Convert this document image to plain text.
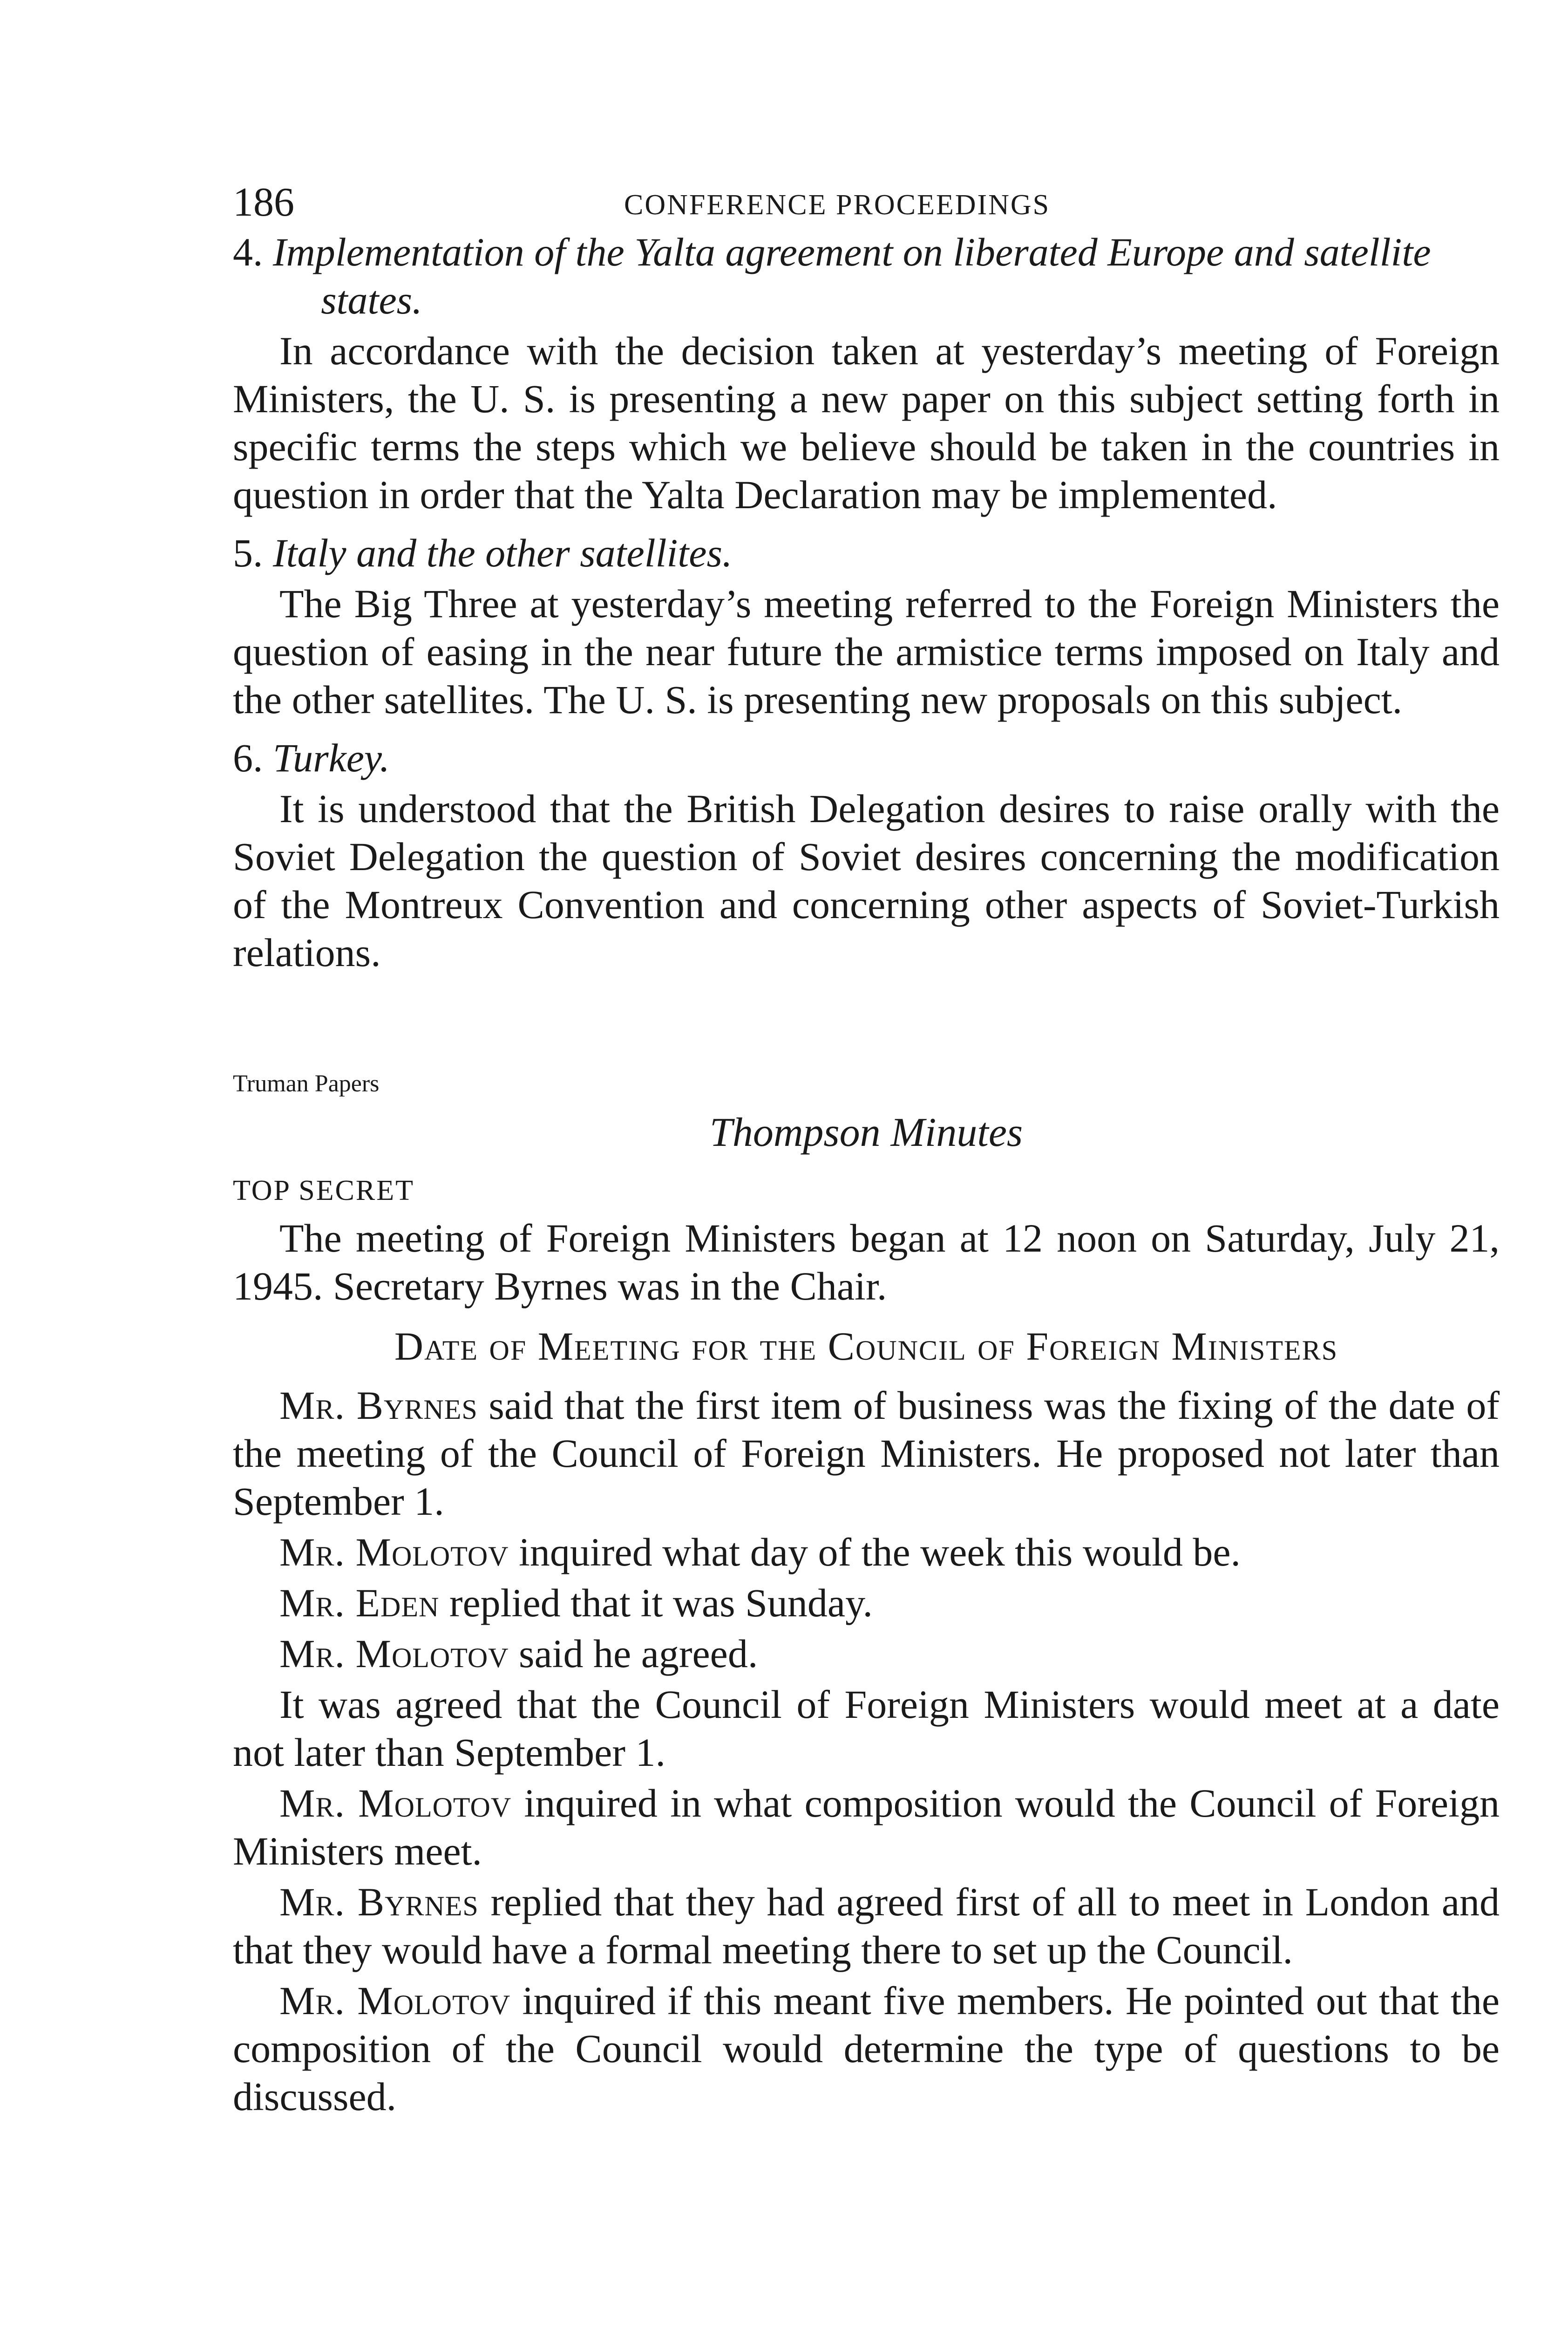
186	CONFERENCE PROCEEDINGS
4. Implementation of the Yalta agreement on liberated Europe and satellite states.

In accordance with the decision taken at yesterday’s meeting of Foreign Ministers, the U. S. is presenting a new paper on this subject setting forth in specific terms the steps which we believe should be taken in the countries in question in order that the Yalta Declaration may be implemented.

5. Italy and the other satellites.

The Big Three at yesterday’s meeting referred to the Foreign Ministers the question of easing in the near future the armistice terms imposed on Italy and the other satellites. The U. S. is presenting new proposals on this subject.

6. Turkey.

It is understood that the British Delegation desires to raise orally with the Soviet Delegation the question of Soviet desires concerning the modification of the Montreux Convention and concerning other aspects of Soviet-Turkish relations.

Truman Papers
Thompson Minutes
TOP SECRET

The meeting of Foreign Ministers began at 12 noon on Saturday, July 21, 1945. Secretary Byrnes was in the Chair.

Date of Meeting for the Council of Foreign Ministers

Mr. Byrnes said that the first item of business was the fixing of the date of the meeting of the Council of Foreign Ministers. He proposed not later than September 1.

Mr. Molotov inquired what day of the week this would be.

Mr. Eden replied that it was Sunday.

Mr. Molotov said he agreed.

It was agreed that the Council of Foreign Ministers would meet at a date not later than September 1.

Mr. Molotov inquired in what composition would the Council of Foreign Ministers meet.

Mr. Byrnes replied that they had agreed first of all to meet in London and that they would have a formal meeting there to set up the Council.

Mr. Molotov inquired if this meant five members. He pointed out that the composition of the Council would determine the type of questions to be discussed.
